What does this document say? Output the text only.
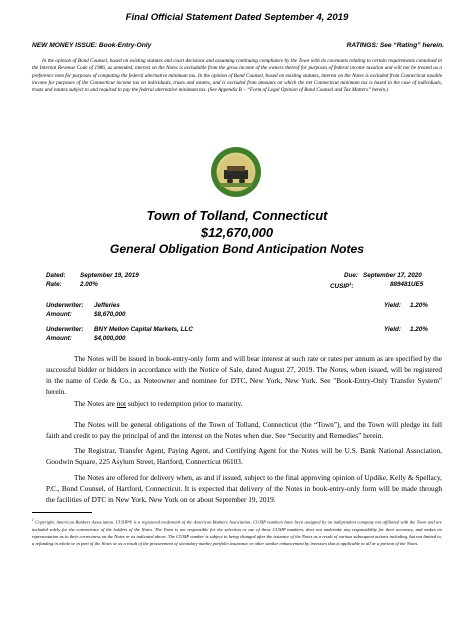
Final Official Statement Dated September 4, 2019
NEW MONEY ISSUE: Book-Entry-Only	RATINGS: See “Rating” herein.

In the opinion of Bond Counsel, based on existing statutes and court decisions and assuming continuing compliance by the Town with its covenants relating to certain requirements contained in the Internal Revenue Code of 1986, as amended, interest on the Notes is excludable from the gross income of the owners thereof for purposes of federal income taxation and will not be treated as a preference item for purposes of computing the federal alternative minimum tax. In the opinion of Bond Counsel, based on existing statutes, interest on the Notes is excluded from Connecticut taxable income for purposes of the Connecticut income tax on individuals, trusts and estates, and is excluded from amounts on which the net Connecticut minimum tax is based in the case of individuals, trusts and estates subject to and required to pay the federal alternative minimum tax. (See Appendix B – “Form of Legal Opinion of Bond Counsel and Tax Matters” herein.)

Town of Tolland, Connecticut
$12,670,000
General Obligation Bond Anticipation Notes
Dated: September 19, 2019
Rate:	2.00%
Due: September 17, 2020
CUSIP$^1$:	889481UE5
Underwriter: Jefferies	Yield: 1.20%
Amount:	$8,670,000
Underwriter: BNY Mellon Capital Markets, LLC	Yield: 1.20%
Amount:	$4,000,000

The Notes will be issued in book-entry-only form and will bear interest at such rate or rates per annum as are specified by the successful bidder or bidders in accordance with the Notice of Sale, dated August 27, 2019. The Notes, when issued, will be registered in the name of Cede & Co., as Noteowner and nominee for DTC, New York, New York. See "Book-Entry-Only Transfer System" herein.

The Notes are not subject to redemption prior to maturity.

The Notes will be general obligations of the Town of Tolland, Connecticut (the “Town”), and the Town will pledge its full faith and credit to pay the principal of and the interest on the Notes when due. See “Security and Remedies” herein.

The Registrar, Transfer Agent, Paying Agent, and Certifying Agent for the Notes will be U.S. Bank National Association, Goodwin Square, 225 Asylum Street, Hartford, Connecticut 06103.

The Notes are offered for delivery when, as and if issued, subject to the final approving opinion of Updike, Kelly & Spellacy, P.C., Bond Counsel, of Hartford, Connecticut. It is expected that delivery of the Notes in book-entry-only form will be made through the facilities of DTC in New York, New York on or about September 19, 2019.

$^1$ Copyright, American Bankers Association. CUSIP® is a registered trademark of the American Bankers Association. CUSIP numbers have been assigned by an independent company not affiliated with the Town and are included solely for the convenience of the holders of the Notes. The Town is not responsible for the selection or use of these CUSIP numbers, does not undertake any responsibility for their accuracy, and makes no representation as to their correctness on the Notes or as indicated above. The CUSIP number is subject to being changed after the issuance of the Notes as a result of various subsequent actions including, but not limited to, a refunding in whole or in part of the Notes or as a result of the procurement of secondary market portfolio insurance or other similar enhancement by investors that is applicable to all or a portion of the Notes.
